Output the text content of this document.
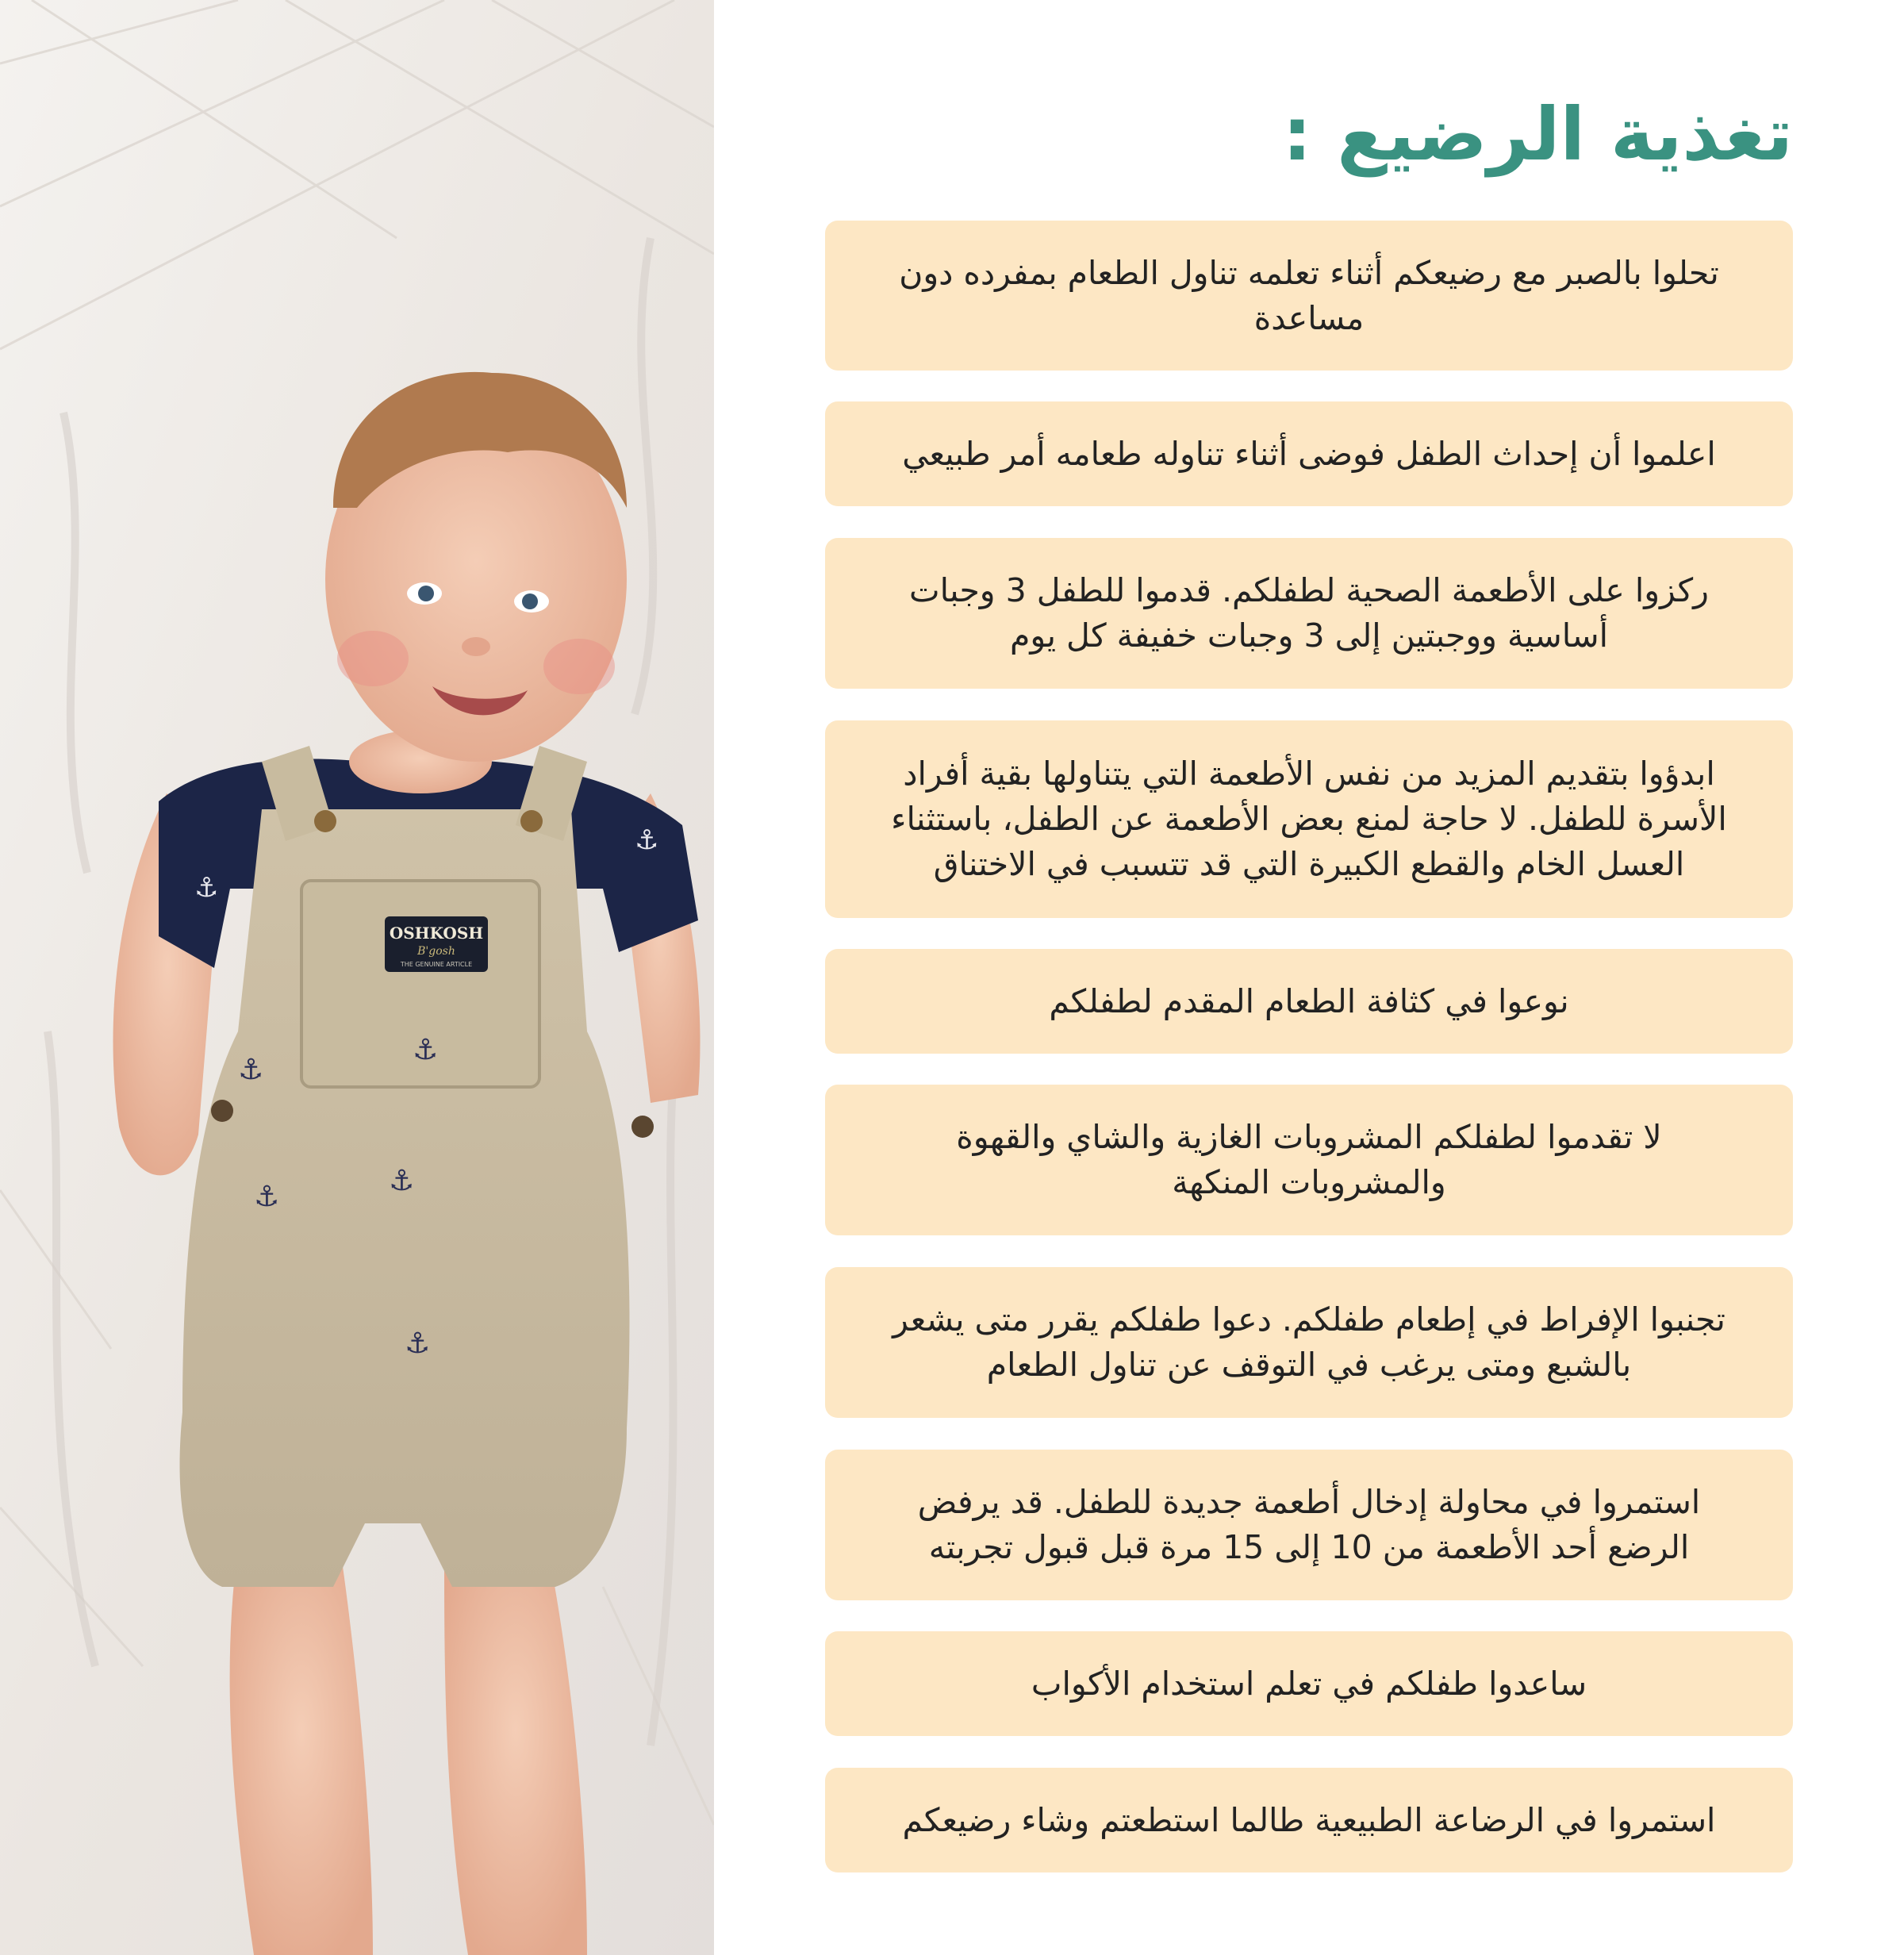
⚓
⚓
OSHKOSH
B'gosh
THE GENUINE ARTICLE
⚓
⚓
⚓	⚓
⚓
تغذية الرضيع :
تحلوا بالصبر مع رضيعكم أثناء تعلمه تناول الطعام بمفرده دون مساعدة
اعلموا أن إحداث الطفل فوضى أثناء تناوله طعامه أمر طبيعي
ركزوا على الأطعمة الصحية لطفلكم. قدموا للطفل 3 وجبات أساسية ووجبتين إلى 3 وجبات خفيفة كل يوم
ابدؤوا بتقديم المزيد من نفس الأطعمة التي يتناولها بقية أفراد الأسرة للطفل. لا حاجة لمنع بعض الأطعمة عن الطفل، باستثناء العسل الخام والقطع الكبيرة التي قد تتسبب في الاختناق
نوعوا في كثافة الطعام المقدم لطفلكم
لا تقدموا لطفلكم المشروبات الغازية والشاي والقهوة والمشروبات المنكهة
تجنبوا الإفراط في إطعام طفلكم. دعوا طفلكم يقرر متى يشعر بالشبع ومتى يرغب في التوقف عن تناول الطعام
استمروا في محاولة إدخال أطعمة جديدة للطفل. قد يرفض الرضع أحد الأطعمة من 10 إلى 15 مرة قبل قبول تجربته
ساعدوا طفلكم في تعلم استخدام الأكواب
استمروا في الرضاعة الطبيعية طالما استطعتم وشاء رضيعكم
